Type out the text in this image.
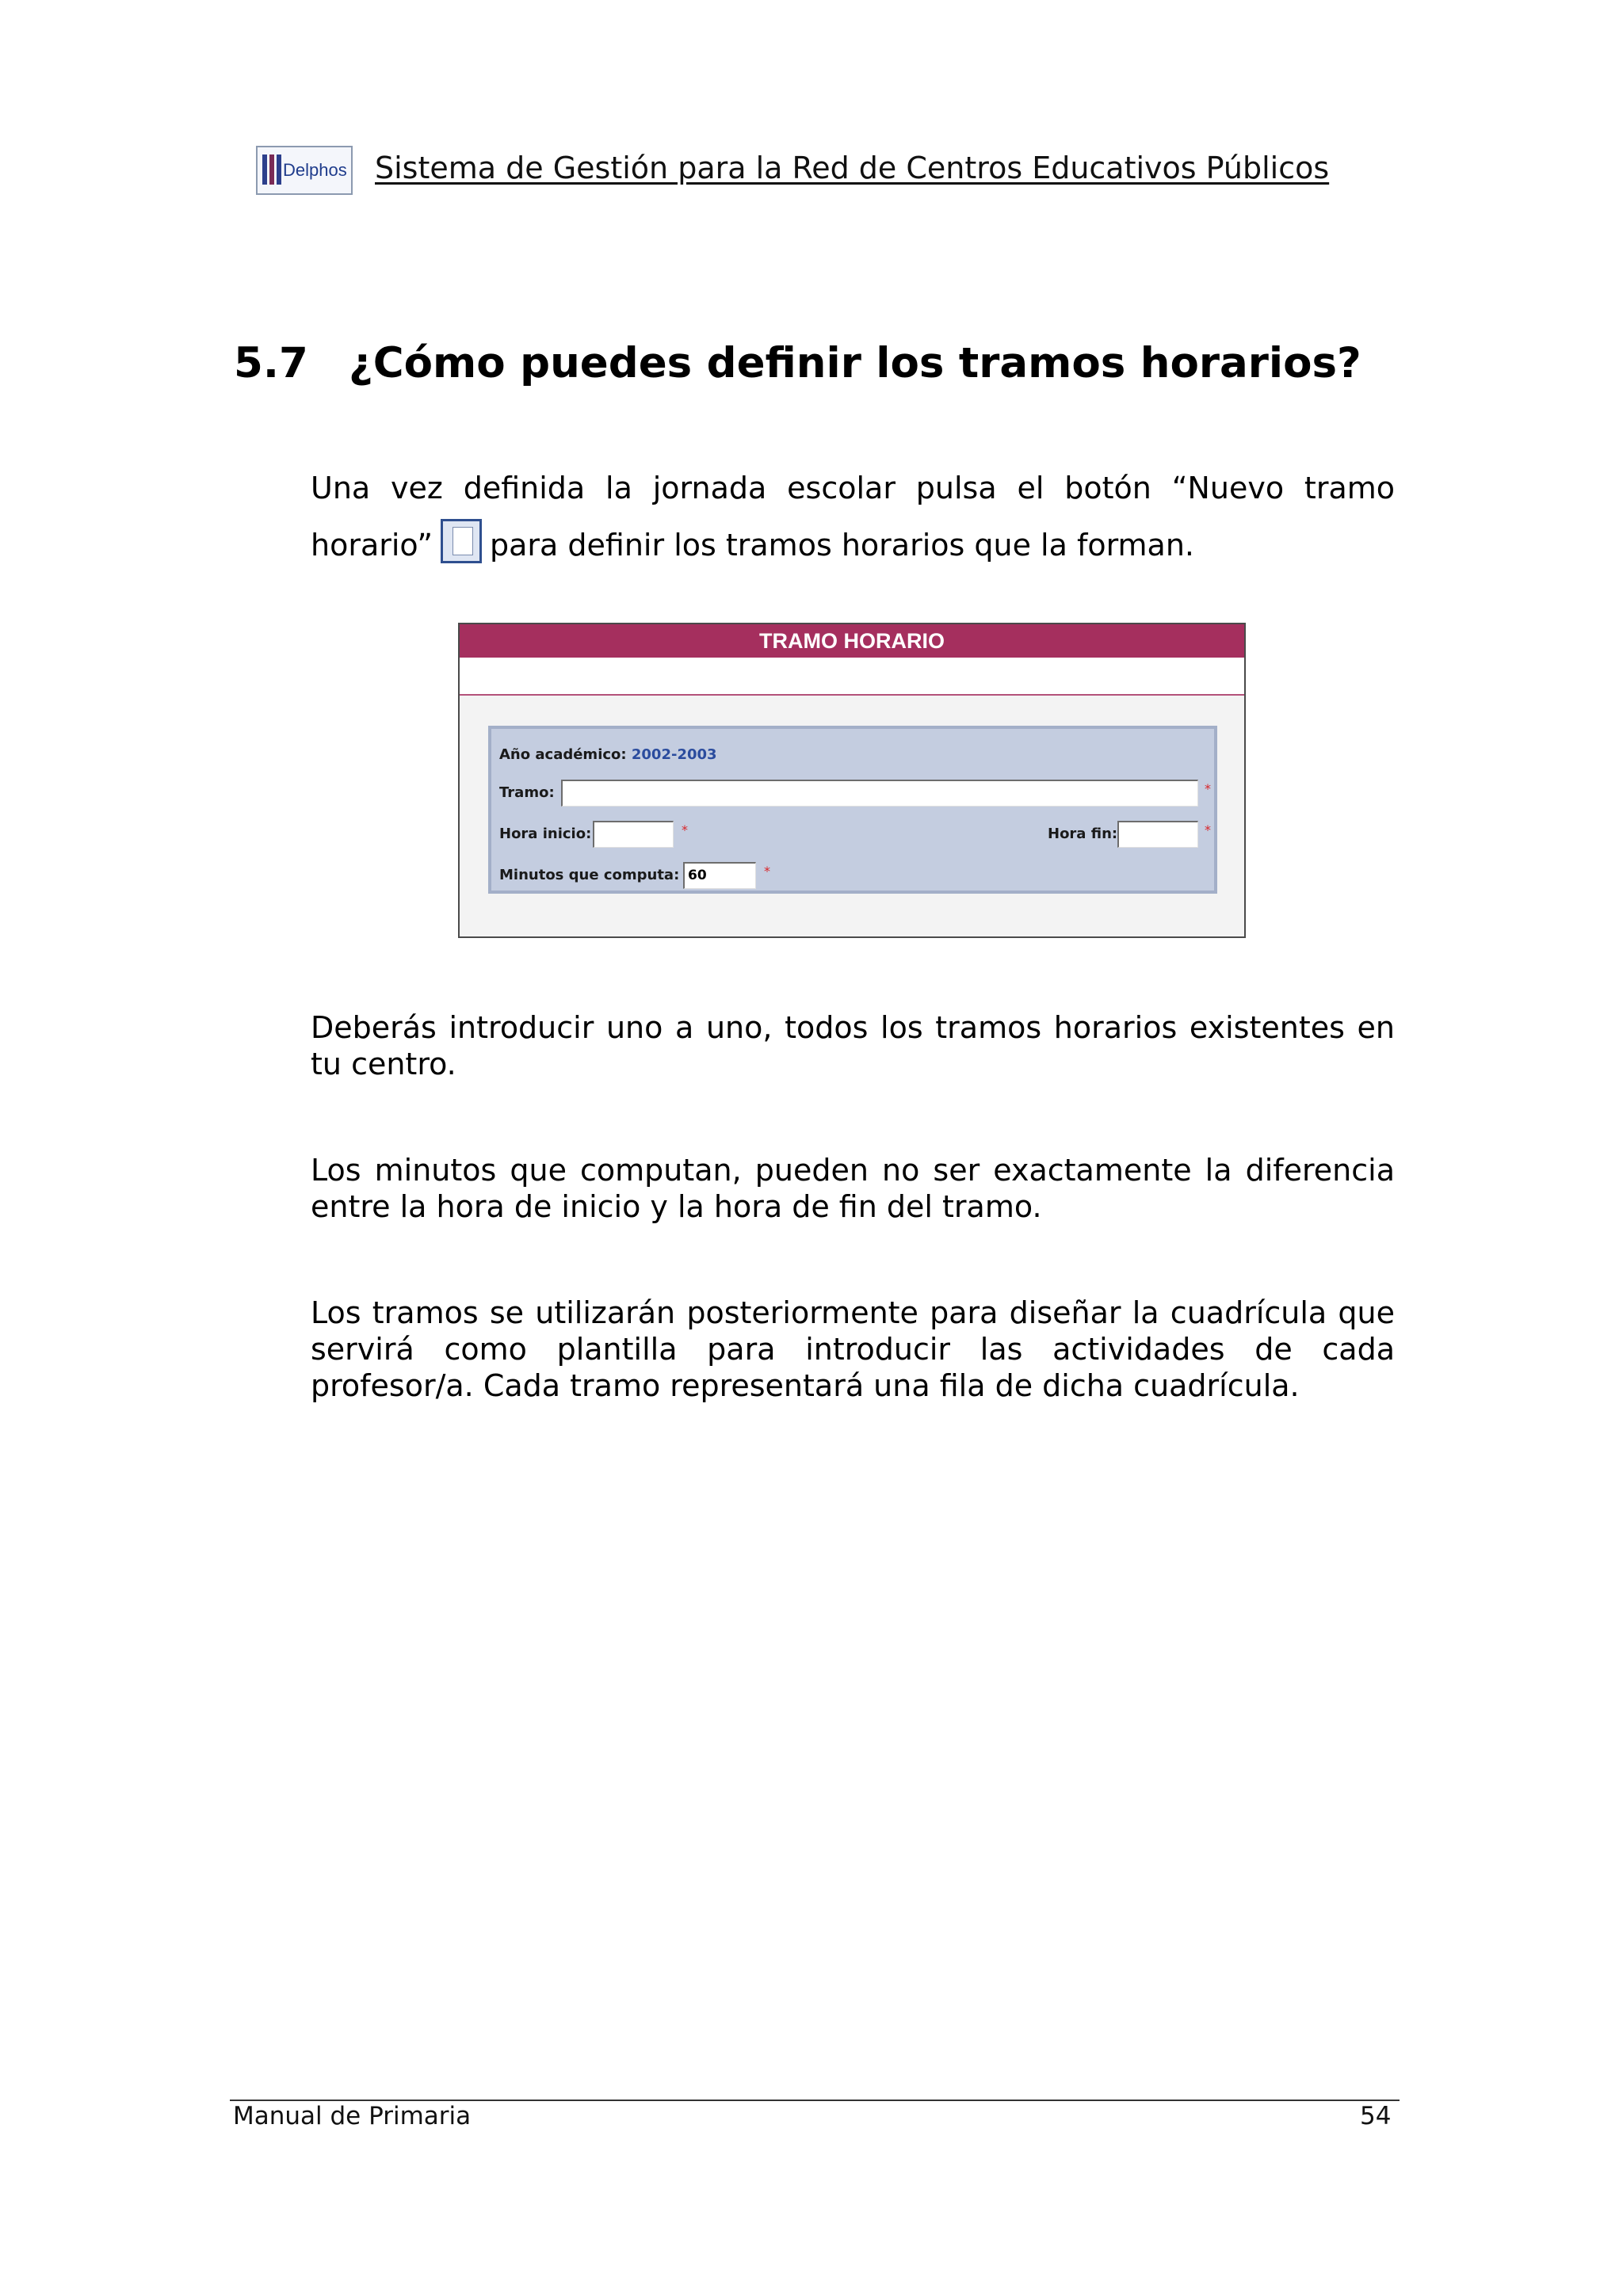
Delphos Sistema de Gestión para la Red de Centros Educativos Públicos
5.7 ¿Cómo puedes definir los tramos horarios?
Una vez definida la jornada escolar pulsa el botón “Nuevo tramo horario” para definir los tramos horarios que la forman.
TRAMO HORARIO
Año académico: 2002-2003
Tramo:	*
Hora inicio:	*	Hora fin:	*
Minutos que computa: 60	*
Deberás introducir uno a uno, todos los tramos horarios existentes en tu centro.
Los minutos que computan, pueden no ser exactamente la diferencia entre la hora de inicio y la hora de fin del tramo.
Los tramos se utilizarán posteriormente para diseñar la cuadrícula que servirá como plantilla para introducir las actividades de cada profesor/a. Cada tramo representará una fila de dicha cuadrícula.
Manual de Primaria	54
